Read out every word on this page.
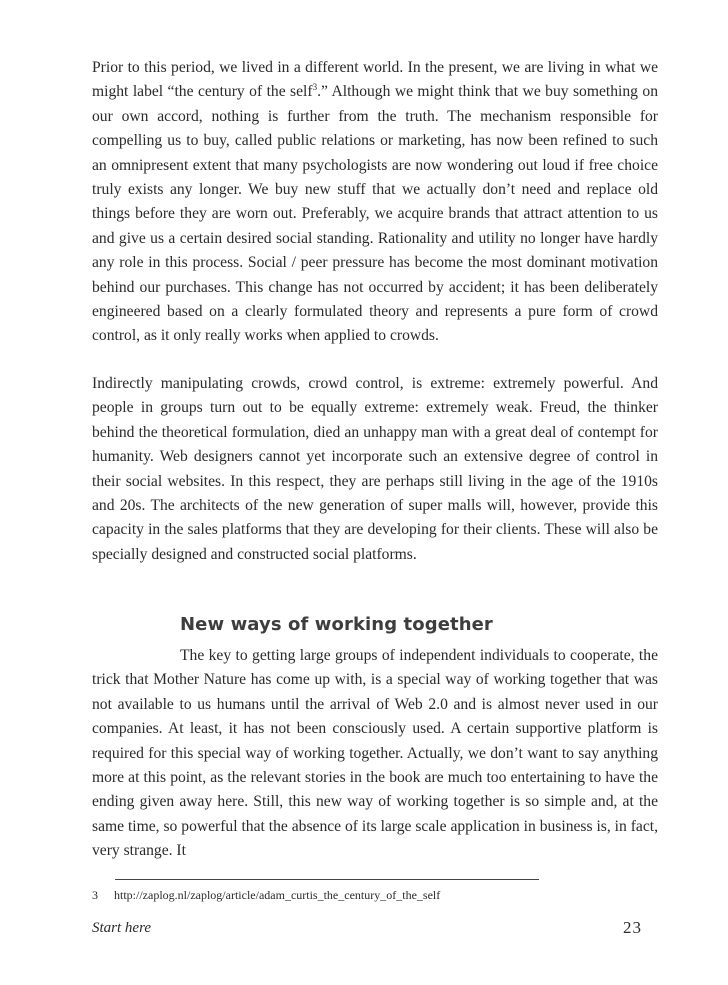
Prior to this period, we lived in a different world. In the present, we are living in what we might label “the century of the self$^3$.” Although we might think that we buy something on our own accord, nothing is further from the truth. The mechanism responsible for compelling us to buy, called public relations or marketing, has now been refined to such an omnipresent extent that many psychologists are now wondering out loud if free choice truly exists any longer. We buy new stuff that we actually don’t need and replace old things before they are worn out. Preferably, we acquire brands that attract attention to us and give us a certain desired social standing. Rationality and utility no longer have hardly any role in this process. Social / peer pressure has become the most dominant motivation behind our purchases. This change has not occurred by accident; it has been deliberately engineered based on a clearly formulated theory and represents a pure form of crowd control, as it only really works when applied to crowds.

Indirectly manipulating crowds, crowd control, is extreme: extremely powerful. And people in groups turn out to be equally extreme: extremely weak. Freud, the thinker behind the theoretical formulation, died an unhappy man with a great deal of contempt for humanity. Web designers cannot yet incorporate such an extensive degree of control in their social websites. In this respect, they are perhaps still living in the age of the 1910s and 20s. The architects of the new generation of super malls will, however, provide this capacity in the sales platforms that they are developing for their clients. These will also be specially designed and constructed social platforms.

New ways of working together

The key to getting large groups of independent individuals to cooperate, the trick that Mother Nature has come up with, is a special way of working together that was not available to us humans until the arrival of Web 2.0 and is almost never used in our companies. At least, it has not been consciously used. A certain supportive platform is required for this special way of working together. Actually, we don’t want to say anything more at this point, as the relevant stories in the book are much too entertaining to have the ending given away here. Still, this new way of working together is so simple and, at the same time, so powerful that the absence of its large scale application in business is, in fact, very strange. It

3 http://zaplog.nl/zaplog/article/adam_curtis_the_century_of_the_self
Start here	23
